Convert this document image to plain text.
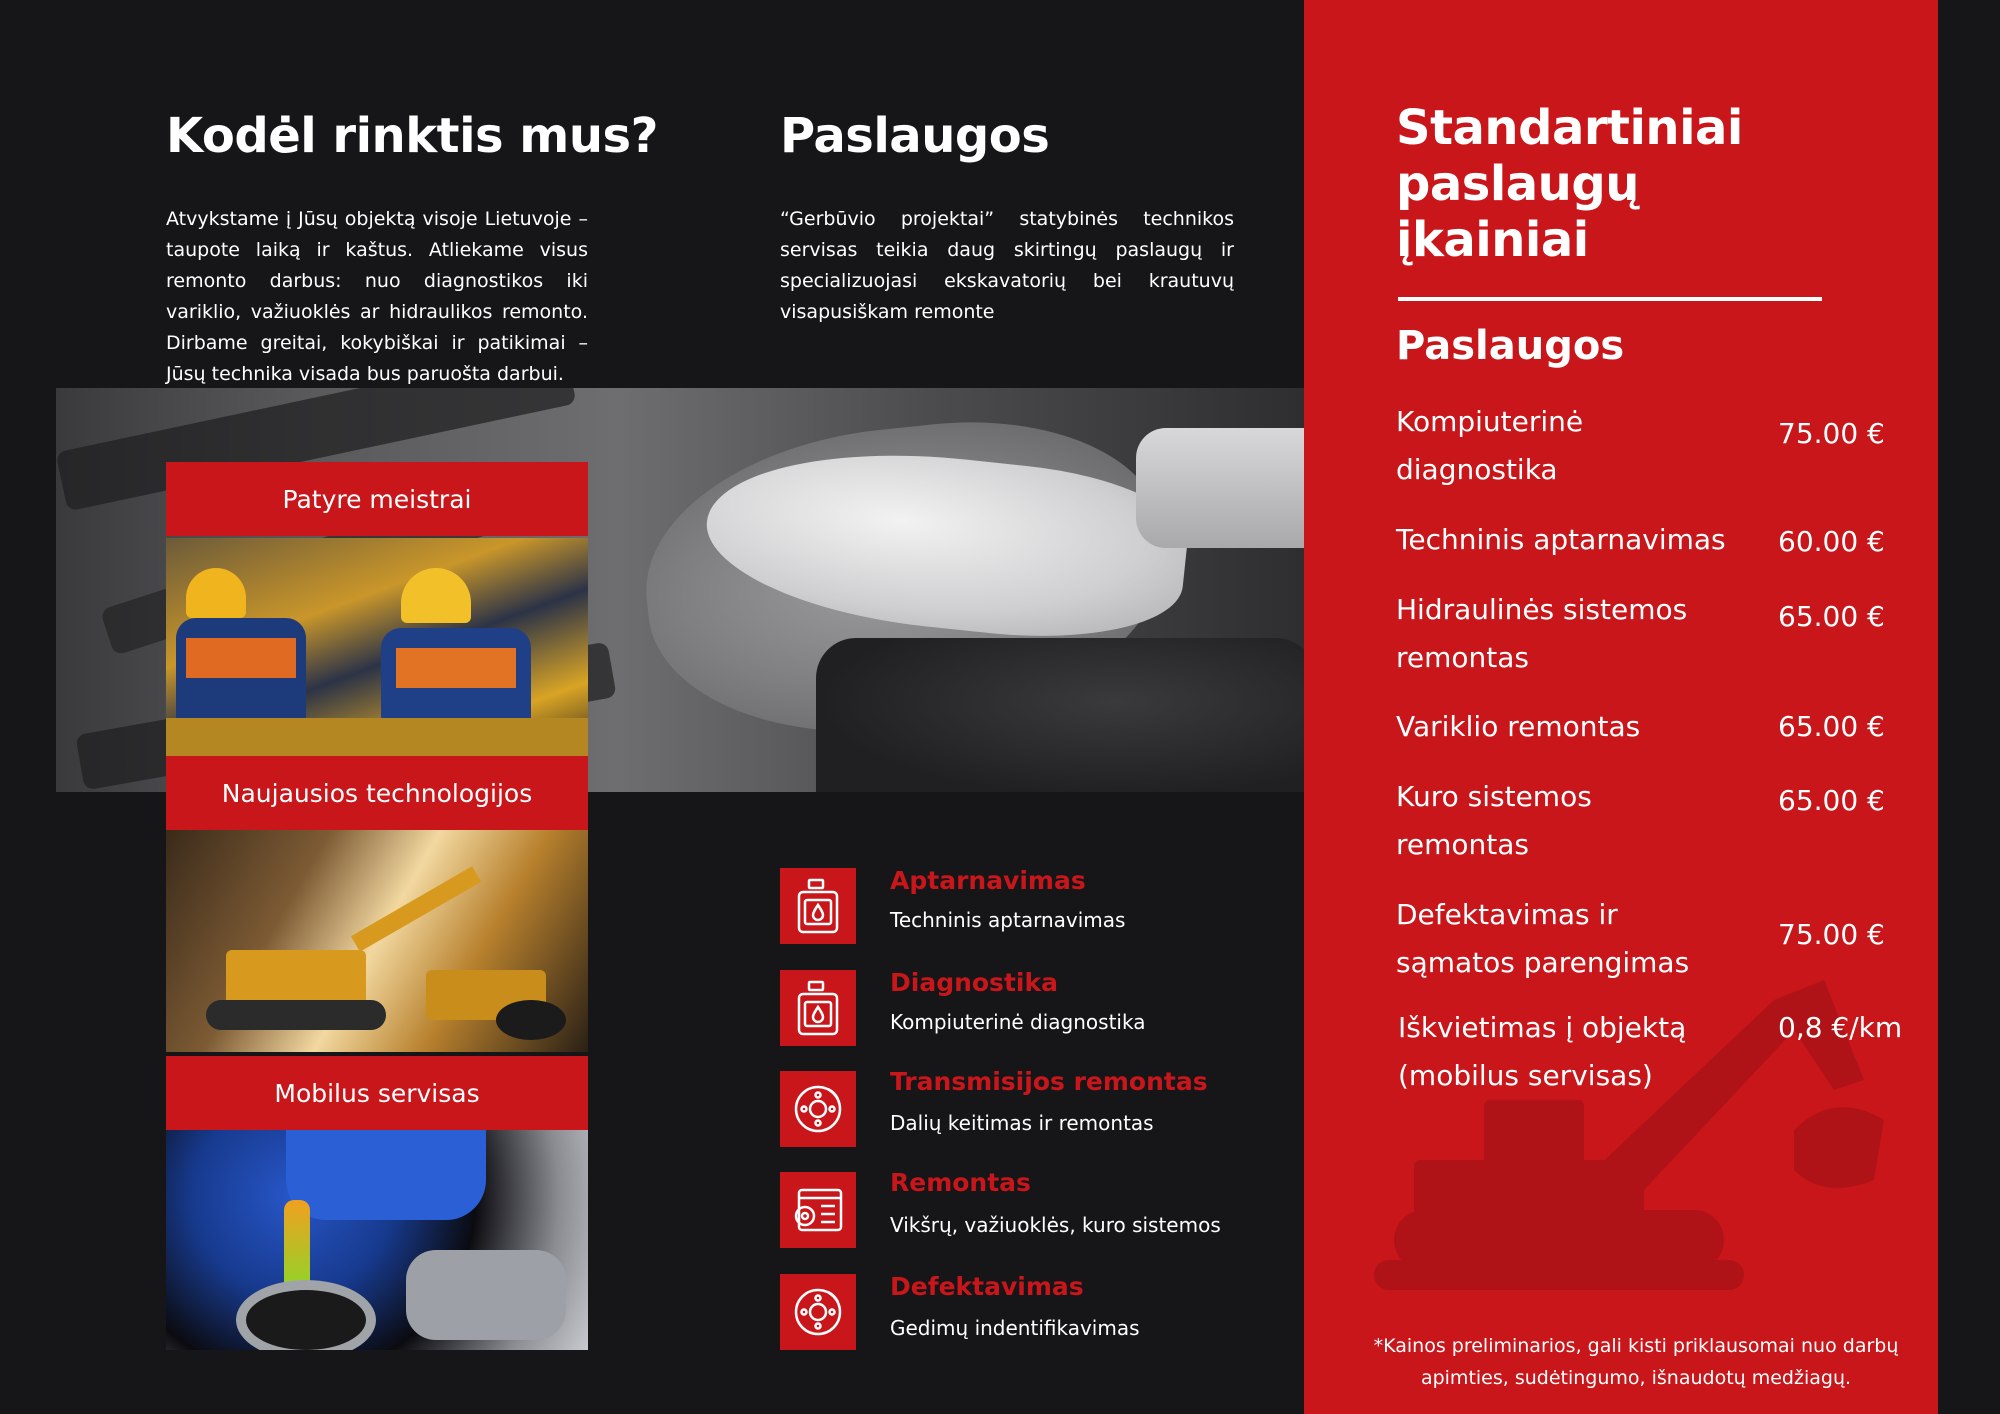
Kodėl rinktis mus?

Atvykstame į Jūsų objektą visoje Lietuvoje – taupote laiką ir kaštus. Atliekame visus remonto darbus: nuo diagnostikos iki variklio, važiuoklės ar hidraulikos remonto. Dirbame greitai, kokybiškai ir patikimai – Jūsų technika visada bus paruošta darbui.

Patyre meistrai
Naujausios technologijos
Mobilus servisas
Paslaugos

“Gerbūvio projektai” statybinės technikos servisas teikia daug skirtingų paslaugų ir specializuojasi ekskavatorių bei krautuvų visapusiškam remonte

Aptarnavimas
Techninis aptarnavimas
Diagnostika
Kompiuterinė diagnostika
Transmisijos remontas
Dalių keitimas ir remontas
Remontas
Vikšrų, važiuoklės, kuro sistemos
Defektavimas
Gedimų indentifikavimas
Standartiniai paslaugų įkainiai
Paslaugos
Kompiuterinė diagnostika
75.00 €
Techninis aptarnavimas	60.00 €
Hidraulinės sistemos remontas
65.00 €
Variklio remontas	65.00 €
Kuro sistemos remontas
65.00 €
Defektavimas ir sąmatos parengimas
75.00 €
Iškvietimas į objektą (mobilus servisas)
0,8 €/km
*Kainos preliminarios, gali kisti priklausomai nuo darbų apimties, sudėtingumo, išnaudotų medžiagų.
